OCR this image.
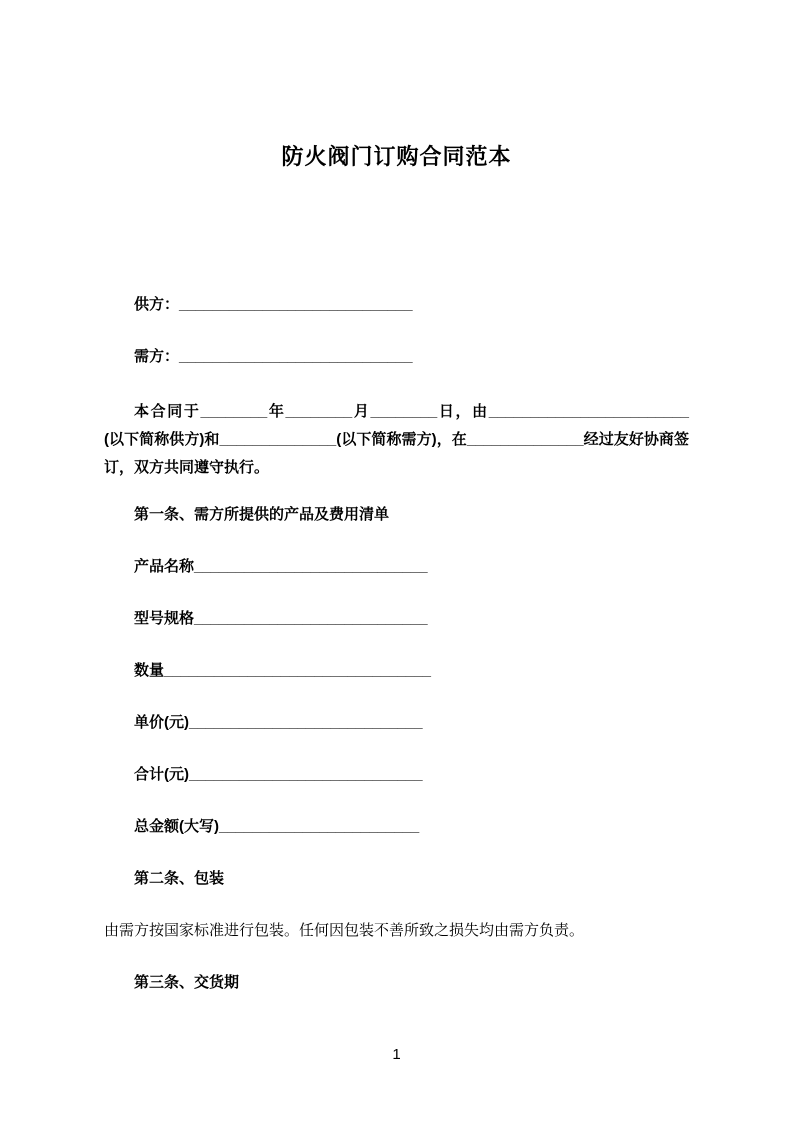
防火阀门订购合同范本

供方：____________________________

需方：____________________________

本合同于________年________月________日，由________________________(以下简称供方)和______________(以下简称需方)，在______________经过友好协商签订，双方共同遵守执行。

第一条、需方所提供的产品及费用清单

产品名称____________________________

型号规格____________________________

数量________________________________

单价(元)____________________________

合计(元)____________________________

总金额(大写)________________________

第二条、包装

由需方按国家标准进行包装。任何因包装不善所致之损失均由需方负责。

第三条、交货期

1
